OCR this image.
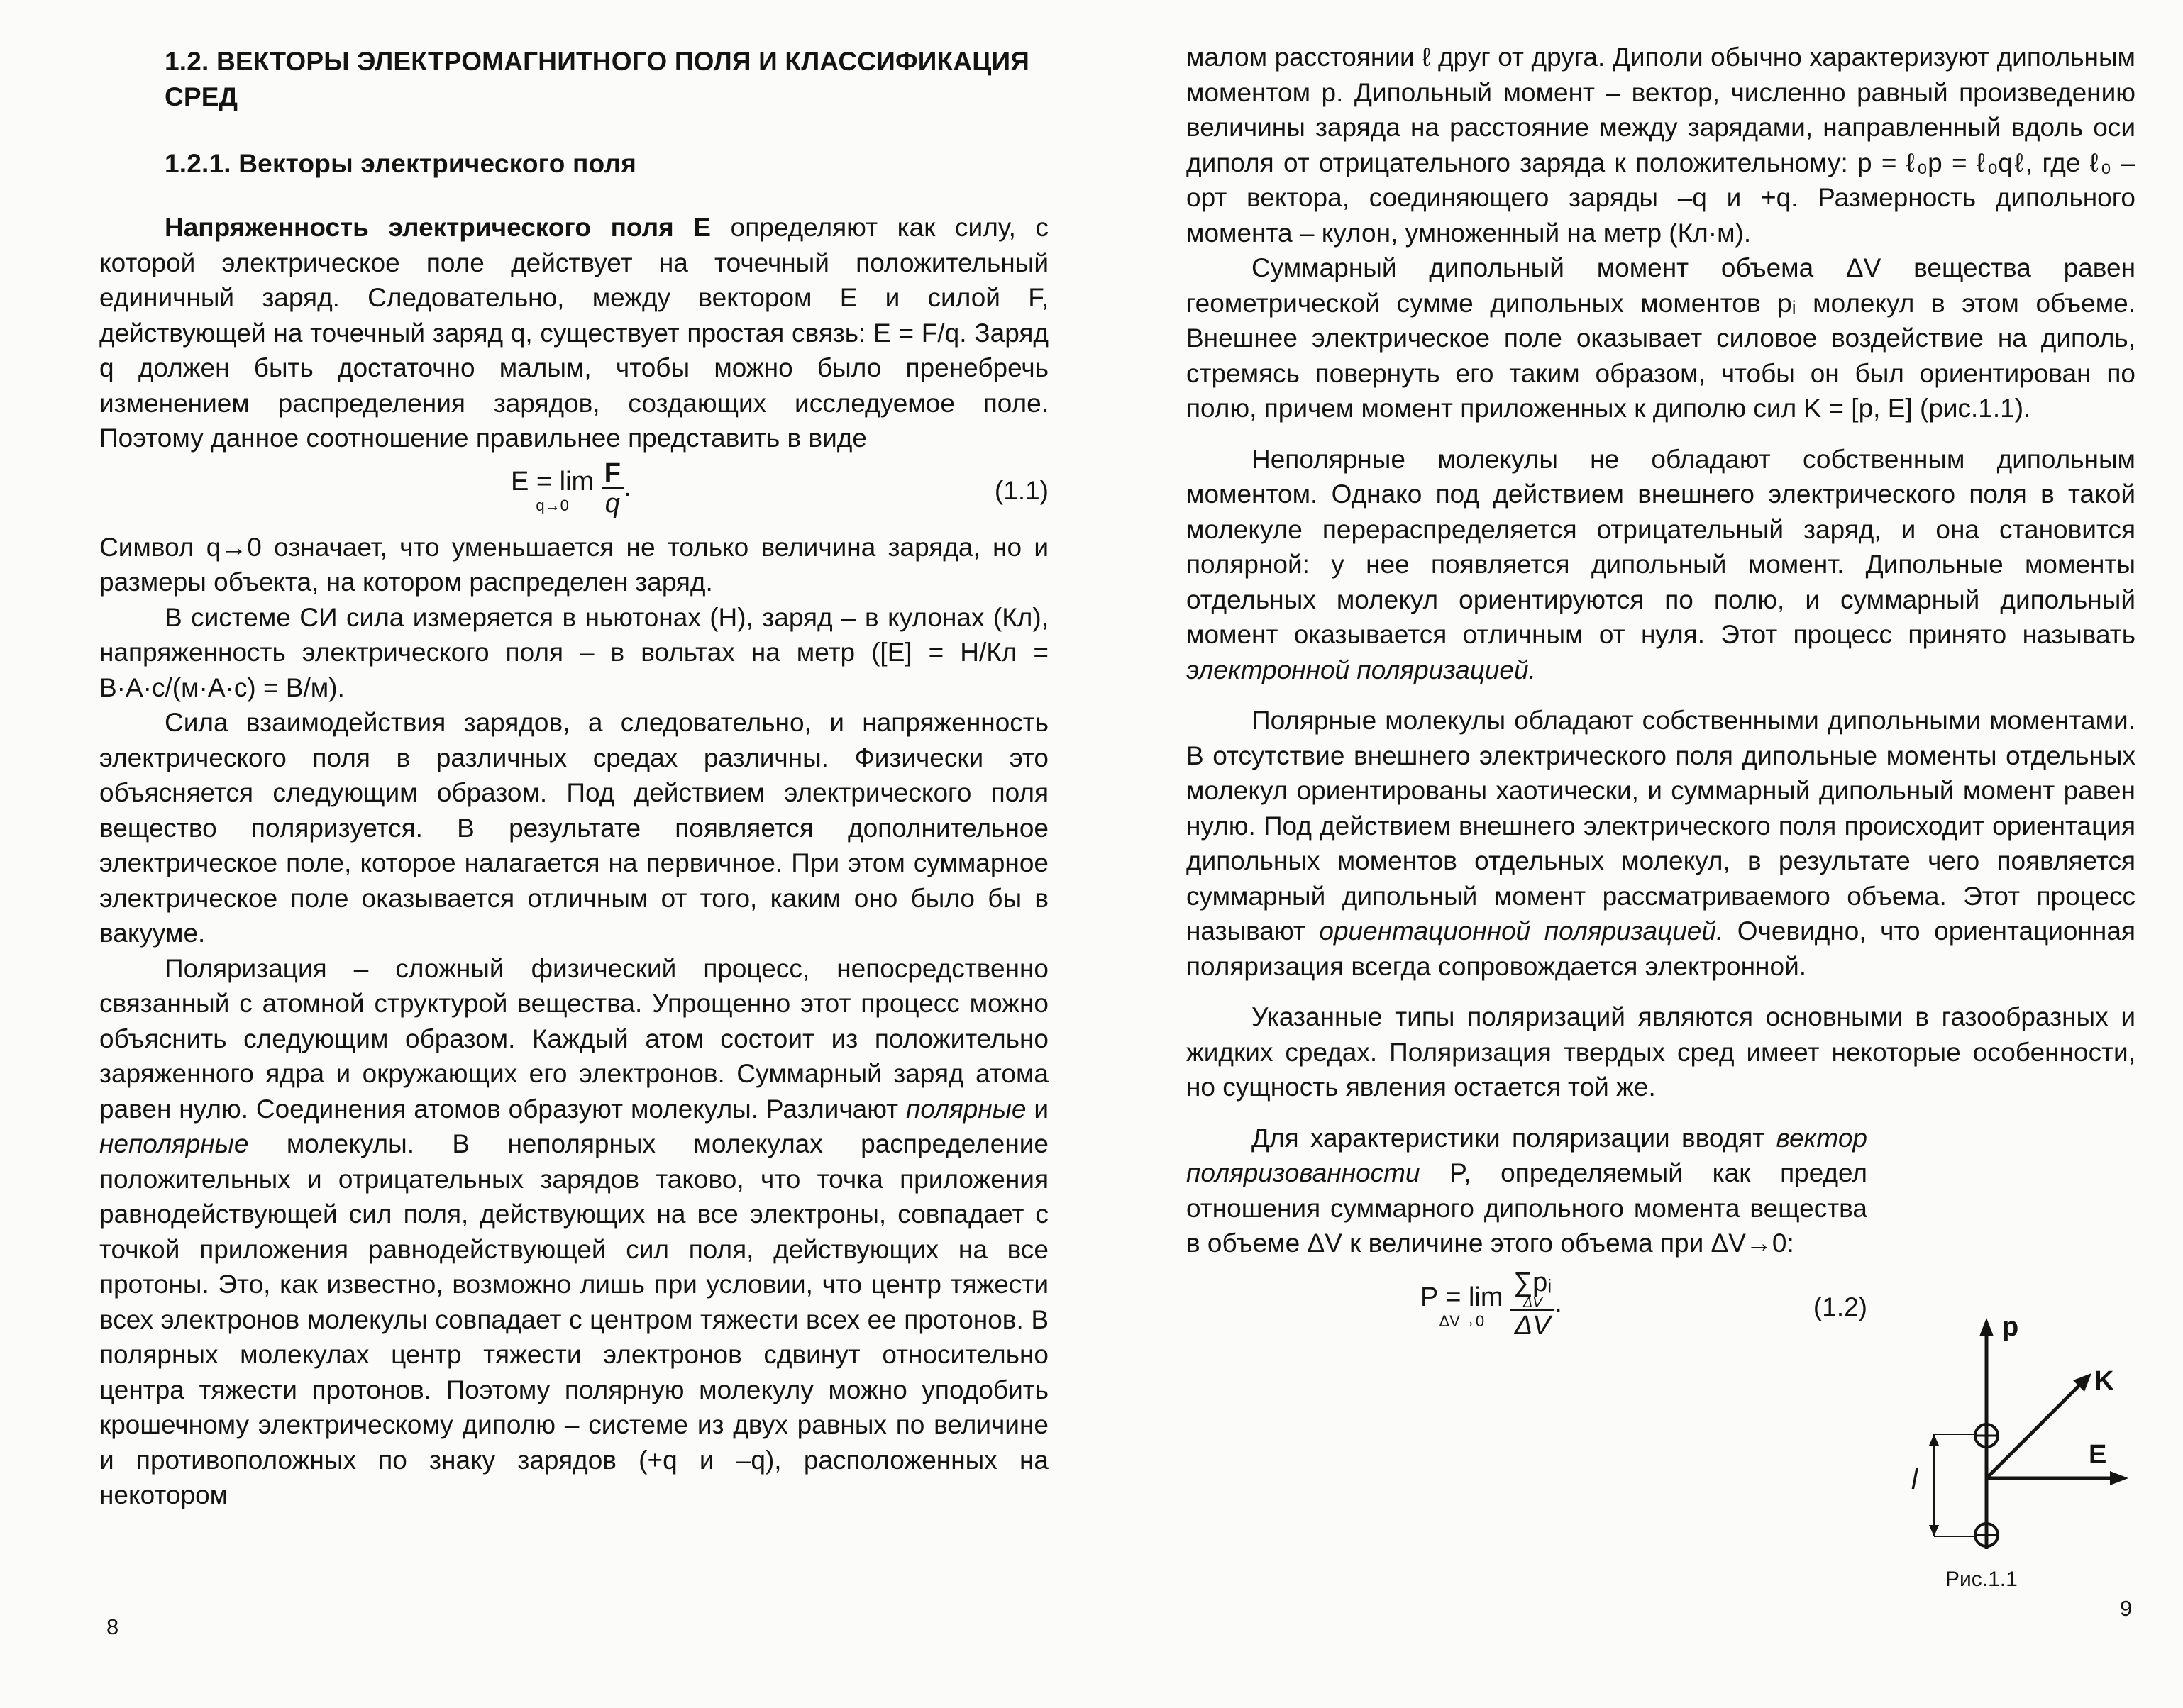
1.2. ВЕКТОРЫ ЭЛЕКТРОМАГНИТНОГО ПОЛЯ И КЛАССИФИКАЦИЯ СРЕД
1.2.1. Векторы электрического поля

Напряженность электрического поля E определяют как силу, с которой электрическое поле действует на точечный положительный единичный заряд. Следовательно, между вектором E и силой F, действующей на точечный заряд q, существует простая связь: E = F/q. Заряд q должен быть достаточно малым, чтобы можно было пренебречь изменением распределения зарядов, создающих исследуемое поле. Поэтому данное соотношение правильнее представить в виде

E = lim
q→0
	$\frac{F}{q}$ .	(1.1)

Символ q→0 означает, что уменьшается не только величина заряда, но и размеры объекта, на котором распределен заряд.

В системе СИ сила измеряется в ньютонах (Н), заряд – в кулонах (Кл), напряженность электрического поля – в вольтах на метр ([E] = Н/Кл = В·А·с/(м·А·с) = В/м).

Сила взаимодействия зарядов, а следовательно, и напряженность электрического поля в различных средах различны. Физически это объясняется следующим образом. Под действием электрического поля вещество поляризуется. В результате появляется дополнительное электрическое поле, которое налагается на первичное. При этом суммарное электрическое поле оказывается отличным от того, каким оно было бы в вакууме.

Поляризация – сложный физический процесс, непосредственно связанный с атомной структурой вещества. Упрощенно этот процесс можно объяснить следующим образом. Каждый атом состоит из положительно заряженного ядра и окружающих его электронов. Суммарный заряд атома равен нулю. Соединения атомов образуют молекулы. Различают полярные и неполярные молекулы. В неполярных молекулах распределение положительных и отрицательных зарядов таково, что точка приложения равнодействующей сил поля, действующих на все электроны, совпадает с точкой приложения равнодействующей сил поля, действующих на все протоны. Это, как известно, возможно лишь при условии, что центр тяжести всех электронов молекулы совпадает с центром тяжести всех ее протонов. В полярных молекулах центр тяжести электронов сдвинут относительно центра тяжести протонов. Поэтому полярную молекулу можно уподобить крошечному электрическому диполю – системе из двух равных по величине и противоположных по знаку зарядов (+q и –q), расположенных на некотором

8

малом расстоянии ℓ друг от друга. Диполи обычно характеризуют дипольным моментом p. Дипольный момент – вектор, численно равный произведению величины заряда на расстояние между зарядами, направленный вдоль оси диполя от отрицательного заряда к положительному: p = ℓ₀p = ℓ₀qℓ, где ℓ₀ – орт вектора, соединяющего заряды –q и +q. Размерность дипольного момента – кулон, умноженный на метр (Кл·м).

Суммарный дипольный момент объема ΔV вещества равен геометрической сумме дипольных моментов pᵢ молекул в этом объеме. Внешнее электрическое поле оказывает силовое воздействие на диполь, стремясь повернуть его таким образом, чтобы он был ориентирован по полю, причем момент приложенных к диполю сил K = [p, E] (рис.1.1).

Неполярные молекулы не обладают собственным дипольным моментом. Однако под действием внешнего электрического поля в такой молекуле перераспределяется отрицательный заряд, и она становится полярной: у нее появляется дипольный момент. Дипольные моменты отдельных молекул ориентируются по полю, и суммарный дипольный момент оказывается отличным от нуля. Этот процесс принято называть электронной поляризацией.

Полярные молекулы обладают собственными дипольными моментами. В отсутствие внешнего электрического поля дипольные моменты отдельных молекул ориентированы хаотически, и суммарный дипольный момент равен нулю. Под действием внешнего электрического поля происходит ориентация дипольных моментов отдельных молекул, в результате чего появляется суммарный дипольный момент рассматриваемого объема. Этот процесс называют ориентационной поляризацией. Очевидно, что ориентационная поляризация всегда сопровождается электронной.

Указанные типы поляризаций являются основными в газообразных и жидких средах. Поляризация твердых сред имеет некоторые особенности, но сущность явления остается той же.

Для характеристики поляризации вводят вектор поляризованности P, определяемый как предел отношения суммарного дипольного момента вещества в объеме ΔV к величине этого объема при ΔV→0:

P = lim
ΔV→0
∑pᵢ
ΔV
ΔV .	(1.2)
p
K
E
l
Рис.1.1
9
